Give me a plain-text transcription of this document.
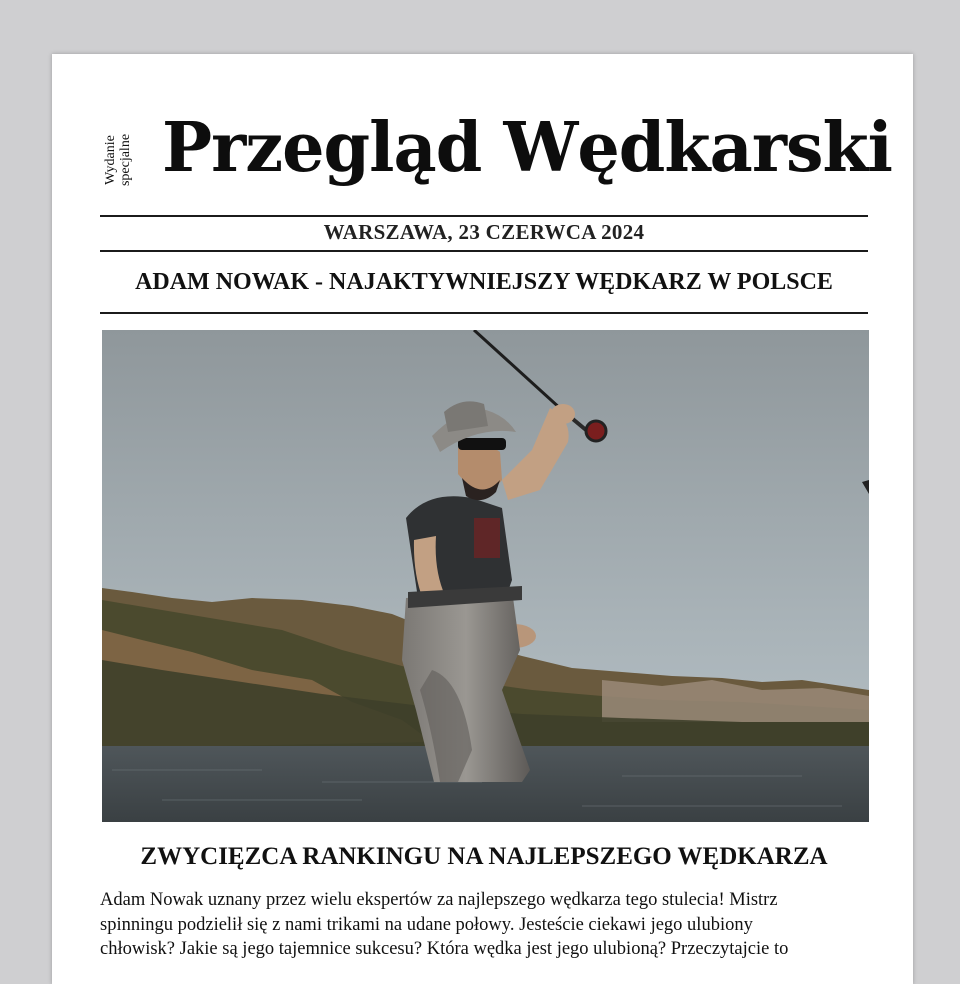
Wydanie specjalne Przegląd Wędkarski
WARSZAWA, 23 CZERWCA 2024
ADAM NOWAK - NAJAKTYWNIEJSZY WĘDKARZ W POLSCE
ZWYCIĘZCA RANKINGU NA NAJLEPSZEGO WĘDKARZA
Adam Nowak uznany przez wielu ekspertów za najlepszego wędkarza tego stulecia! Mistrz
spinningu podzielił się z nami trikami na udane połowy. Jesteście ciekawi jego ulubiony
chłowisk? Jakie są jego tajemnice sukcesu? Która wędka jest jego ulubioną? Przeczytajcie to
